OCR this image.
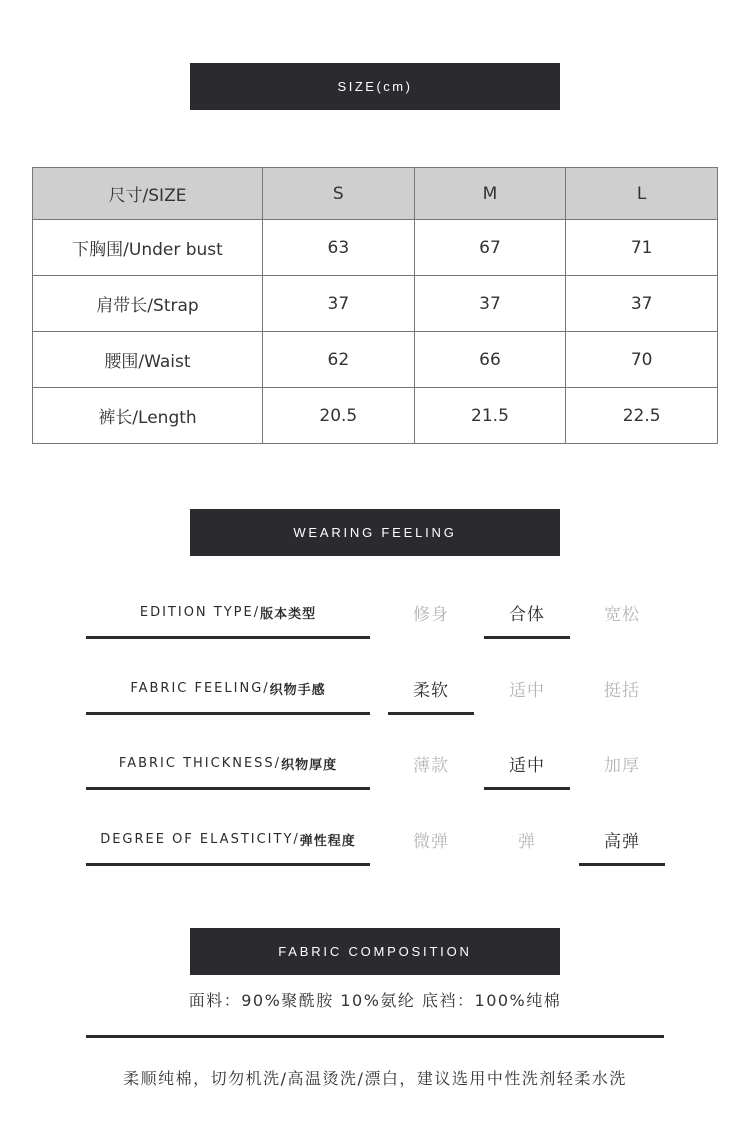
SIZE(cm)
尺寸/SIZE	S	M	L
下胸围/Under bust	63	67	71
肩带长/Strap	37	37	37
腰围/Waist	62	66	70
裤长/Length	20.5	21.5	22.5
WEARING FEELING
EDITION TYPE/ 版本类型	修身	合体	宽松
FABRIC FEELING/ 织物手感	柔软	适中	挺括
FABRIC THICKNESS/ 织物厚度	薄款	适中	加厚
DEGREE OF ELASTICITY/ 弹性程度	微弹	弹	高弹
FABRIC COMPOSITION
面料：90%聚酰胺 10%氨纶 底裆：100%纯棉
柔顺纯棉，切勿机洗/高温烫洗/漂白，建议选用中性洗剂轻柔水洗
